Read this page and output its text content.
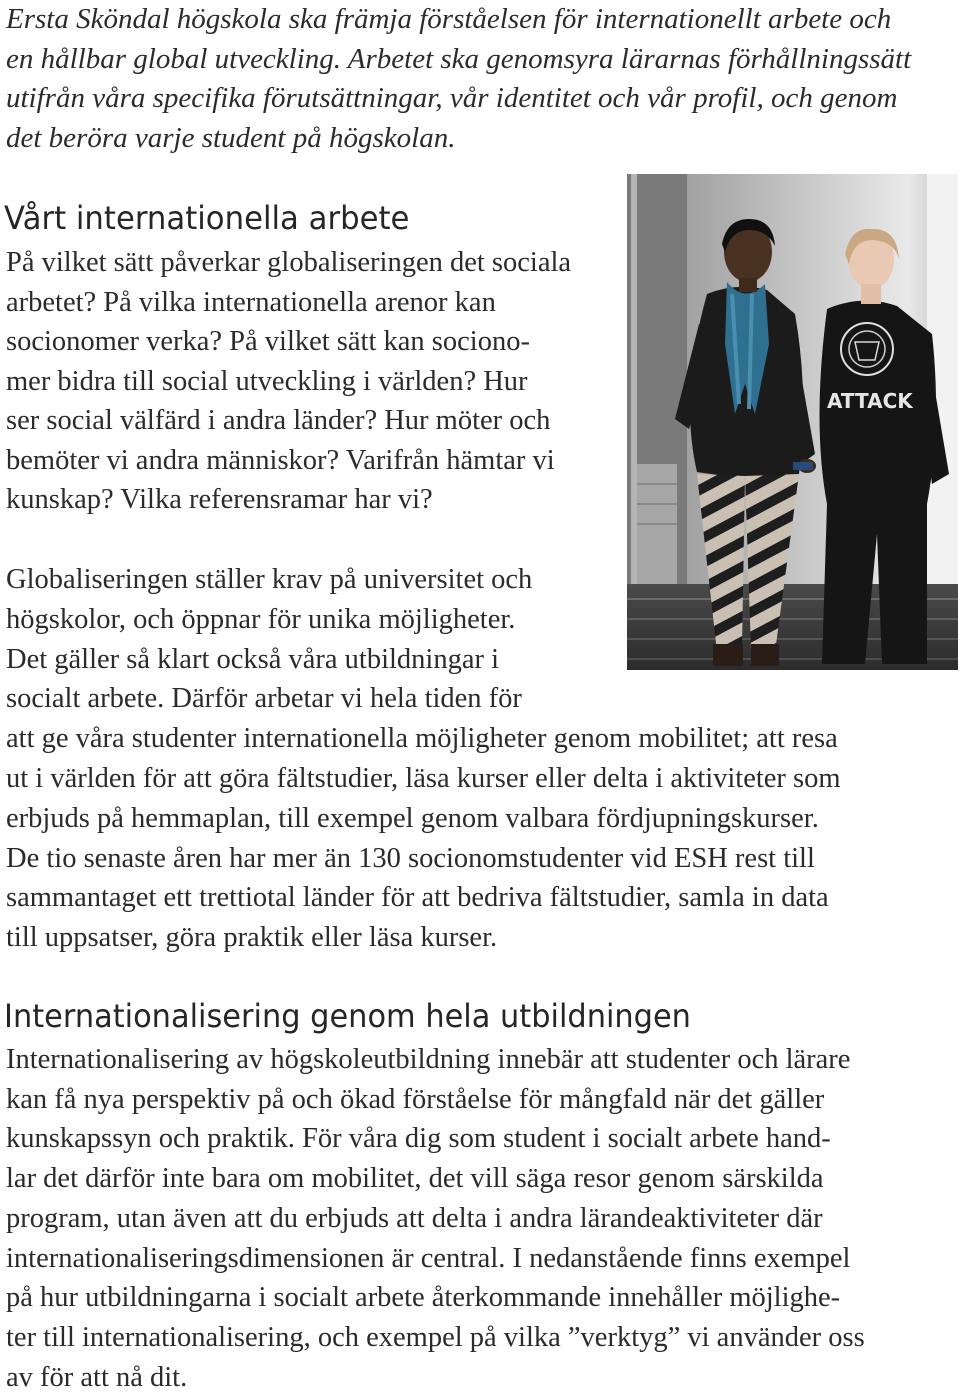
Ersta Sköndal högskola ska främja förståelsen för internationellt arbete och
en hållbar global utveckling. Arbetet ska genomsyra lärarnas förhållningssätt
utifrån våra specifika förutsättningar, vår identitet och vår profil, och genom
det beröra varje student på högskolan.
Vårt internationella arbete
På vilket sätt påverkar globaliseringen det sociala
arbetet? På vilka internationella arenor kan
socionomer verka? På vilket sätt kan sociono-
mer bidra till social utveckling i världen? Hur
ser social välfärd i andra länder? Hur möter och
bemöter vi andra människor? Varifrån hämtar vi
kunskap? Vilka referensramar har vi?
Globaliseringen ställer krav på universitet och
högskolor, och öppnar för unika möjligheter.
Det gäller så klart också våra utbildningar i
socialt arbete. Därför arbetar vi hela tiden för
att ge våra studenter internationella möjligheter genom mobilitet; att resa
ut i världen för att göra fältstudier, läsa kurser eller delta i aktiviteter som
erbjuds på hemmaplan, till exempel genom valbara fördjupningskurser.
De tio senaste åren har mer än 130 socionomstudenter vid ESH rest till
sammantaget ett trettiotal länder för att bedriva fältstudier, samla in data
till uppsatser, göra praktik eller läsa kurser.
ATTACK
Internationalisering genom hela utbildningen
Internationalisering av högskoleutbildning innebär att studenter och lärare
kan få nya perspektiv på och ökad förståelse för mångfald när det gäller
kunskapssyn och praktik. För våra dig som student i socialt arbete hand-
lar det därför inte bara om mobilitet, det vill säga resor genom särskilda
program, utan även att du erbjuds att delta i andra lärandeaktiviteter där
internationaliseringsdimensionen är central. I nedanstående finns exempel
på hur utbildningarna i socialt arbete återkommande innehåller möjlighe-
ter till internationalisering, och exempel på vilka ”verktyg” vi använder oss
av för att nå dit.
